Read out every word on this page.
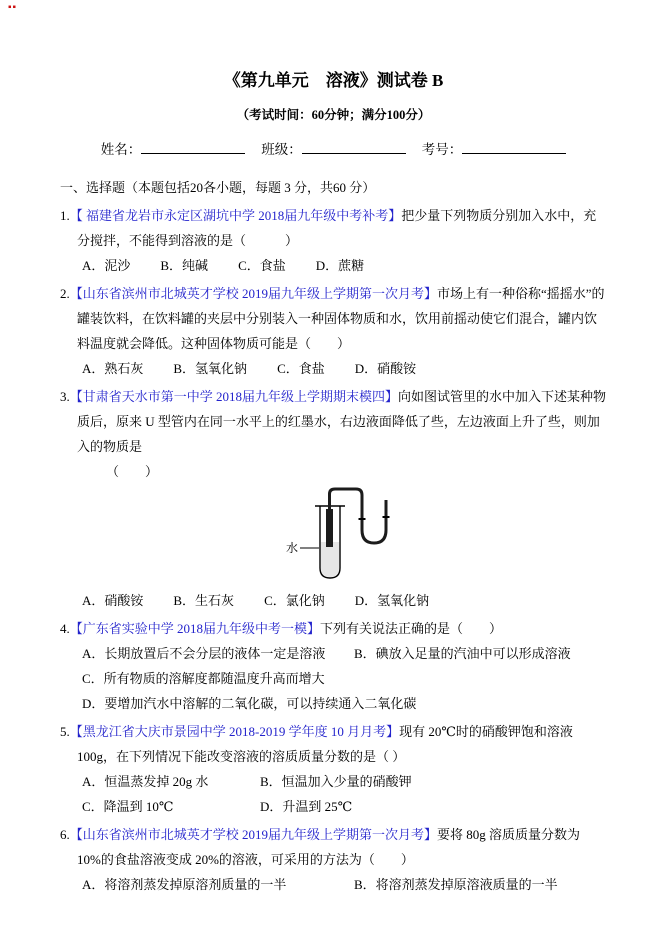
▪▪
《第九单元　溶液》测试卷 B
（考试时间：60分钟；满分100分）
姓名：	班级：	考号：
一、选择题（本题包括20各小题，每题 3 分，共60 分）
1.【 福建省龙岩市永定区湖坑中学 2018届九年级中考补考】把少量下列物质分别加入水中，充分搅拌，不能得到溶液的是（　　　）
A．泥沙 B．纯碱 C．食盐 D．蔗糖
2.【山东省滨州市北城英才学校 2019届九年级上学期第一次月考】市场上有一种俗称“摇摇水”的罐装饮料，在饮料罐的夹层中分别装入一种固体物质和水，饮用前摇动使它们混合，罐内饮料温度就会降低。这种固体物质可能是（　　）
A．熟石灰 B．氢氧化钠 C．食盐 D．硝酸铵
3.【甘肃省天水市第一中学 2018届九年级上学期期末模四】向如图试管里的水中加入下述某种物质后，原来 U 型管内在同一水平上的红墨水，右边液面降低了些，左边液面上升了些，则加入的物质是
（　　）
水
A．硝酸铵 B．生石灰 C．氯化钠 D．氢氧化钠
4.【广东省实验中学 2018届九年级中考一模】下列有关说法正确的是（　　）
A．长期放置后不会分层的液体一定是溶液 B．碘放入足量的汽油中可以形成溶液
C．所有物质的溶解度都随温度升高而增大
D．要增加汽水中溶解的二氧化碳，可以持续通入二氧化碳
5.【黑龙江省大庆市景园中学 2018-2019 学年度 10 月月考】现有 20℃时的硝酸钾饱和溶液 100g，在下列情况下能改变溶液的溶质质量分数的是（ ）
A．恒温蒸发掉 20g 水	B．恒温加入少量的硝酸钾
C．降温到 10℃	D．升温到 25℃
6.【山东省滨州市北城英才学校 2019届九年级上学期第一次月考】要将 80g 溶质质量分数为 10%的食盐溶液变成 20%的溶液，可采用的方法为（　　）
A．将溶剂蒸发掉原溶剂质量的一半	B．将溶剂蒸发掉原溶液质量的一半
